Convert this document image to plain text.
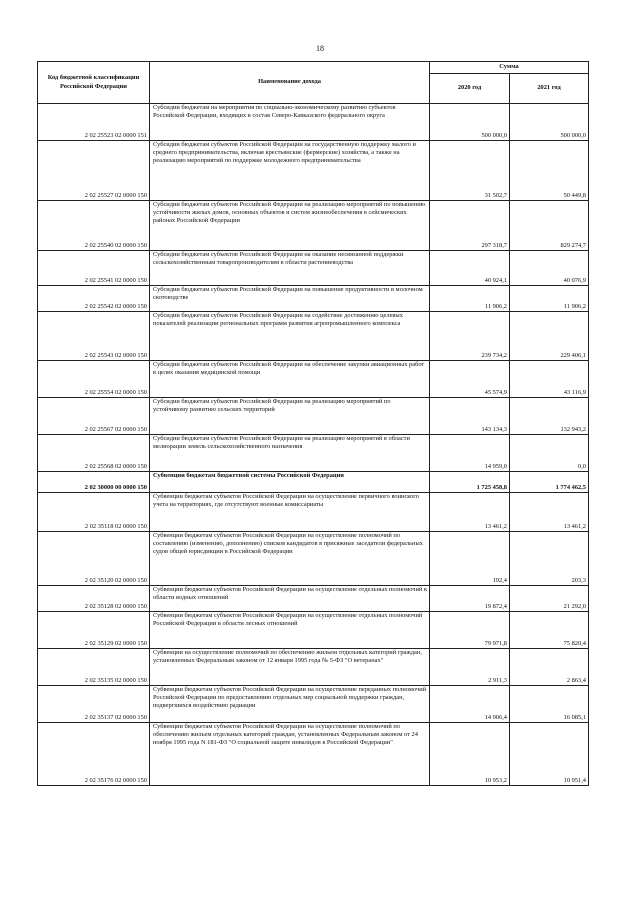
18
Код бюджетной классификации Российской Федерации	Наименование дохода	Сумма	
		2020 год	2021 год
2 02 25523 02 0000 151	Субсидии бюджетам на мероприятия по социально-экономическому развитию субъектов Российской Федерации, входящих в состав Северо-Кавказского федерального округа	500 000,0	500 000,0
2 02 25527 02 0000 150	Субсидии бюджетам субъектов Российской Федерации на государственную поддержку малого и среднего предпринимательства, включая крестьянские (фермерские) хозяйства, а также на реализацию мероприятий по поддержке молодежного предпринимательства	31 502,7	50 449,8
2 02 25540 02 0000 150	Субсидии бюджетам субъектов Российской Федерации на реализацию мероприятий по повышению устойчивости жилых домов, основных объектов и систем жизнеобеспечения в сейсмических районах Российской Федерации	297 318,7	829 274,7
2 02 25541 02 0000 150	Субсидии бюджетам субъектов Российской Федерации на оказание несвязанной поддержки сельскохозяйственным товаропроизводителям в области растениеводства	40 924,1	40 076,9
2 02 25542 02 0000 150	Субсидии бюджетам субъектов Российской Федерации на повышение продуктивности в молочном скотоводстве	11 906,2	11 906,2
2 02 25543 02 0000 150	Субсидии бюджетам субъектов Российской Федерации на содействие достижению целевых показателей реализации региональных программ развития агропромышленного комплекса	239 734,2	229 406,1
2 02 25554 02 0000 150	Субсидии бюджетам субъектов Российской Федерации на обеспечение закупки авиационных работ в целях оказания медицинской помощи	45 574,9	43 116,9
2 02 25567 02 0000 150	Субсидии бюджетам субъектов Российской Федерации на реализацию мероприятий по устойчивому развитию сельских территорий	143 134,3	132 943,2
2 02 25568 02 0000 150	Субсидии бюджетам субъектов Российской Федерации на реализацию мероприятий в области мелиорации земель сельскохозяйственного назначения	14 959,0	0,0
2 02 30000 00 0000 150	Субвенции бюджетам бюджетной системы Российской Федерации	1 725 458,8	1 774 462,5
2 02 35118 02 0000 150	Субвенции бюджетам субъектов Российской Федерации на осуществление первичного воинского учета на территориях, где отсутствуют военные комиссариаты	13 461,2	13 461,2
2 02 35120 02 0000 150	Субвенции бюджетам субъектов Российской Федерации на осуществление полномочий по составлению (изменению, дополнению) списков кандидатов в присяжные заседатели федеральных судов общей юрисдикции в Российской Федерации	192,4	203,3
2 02 35128 02 0000 150	Субвенции бюджетам субъектов Российской Федерации на осуществление отдельных полномочий в области водных отношений	19 872,4	21 292,0
2 02 35129 02 0000 150	Субвенции бюджетам субъектов Российской Федерации на осуществление отдельных полномочий Российской Федерации в области лесных отношений	79 971,8	75 820,4
2 02 35135 02 0000 150	Субвенции на осуществление полномочий по обеспечению жильем отдельных категорий граждан, установленных Федеральным законом от 12 января 1995 года № 5-ФЗ "О ветеранах"	2 911,3	2 863,4
2 02 35137 02 0000 150	Субвенции бюджетам субъектов Российской Федерации на осуществление переданных полномочий Российской Федерации по предоставлению отдельных мер социальной поддержки граждан, подвергшихся воздействию радиации	14 906,4	16 085,1
2 02 35176 02 0000 150	Субвенции бюджетам субъектов Российской Федерации на осуществление полномочий по обеспечению жильем отдельных категорий граждан, установленных Федеральным законом от 24 ноября 1995 года N 181-ФЗ "О социальной защите инвалидов в Российской Федерации"	10 953,2	10 951,4
